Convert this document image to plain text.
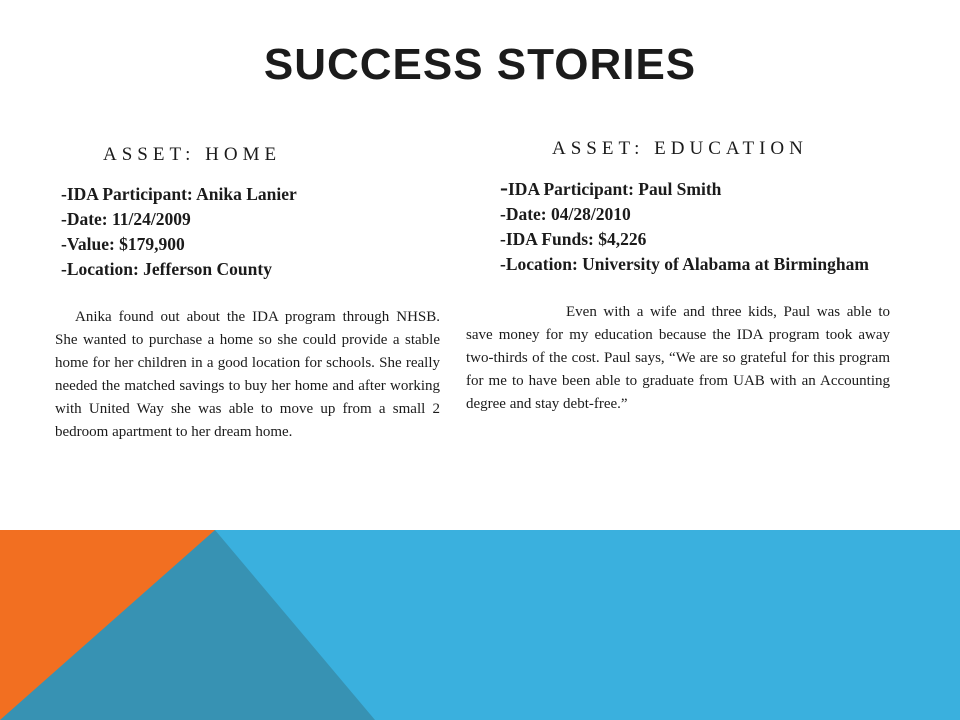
SUCCESS STORIES

ASSET: HOME

-IDA Participant: Anika Lanier
-Date: 11/24/2009
-Value: $179,900
-Location: Jefferson County

Anika found out about the IDA program through NHSB. She wanted to purchase a home so she could provide a stable home for her children in a good location for schools. She really needed the matched savings to buy her home and after working with United Way she was able to move up from a small 2 bedroom apartment to her dream home.

ASSET: EDUCATION

-IDA Participant: Paul Smith
-Date: 04/28/2010
-IDA Funds: $4,226
-Location: University of Alabama at Birmingham

Even with a wife and three kids, Paul was able to save money for my education because the IDA program took away two-thirds of the cost. Paul says, “We are so grateful for this program for me to have been able to graduate from UAB with an Accounting degree and stay debt-free.”
